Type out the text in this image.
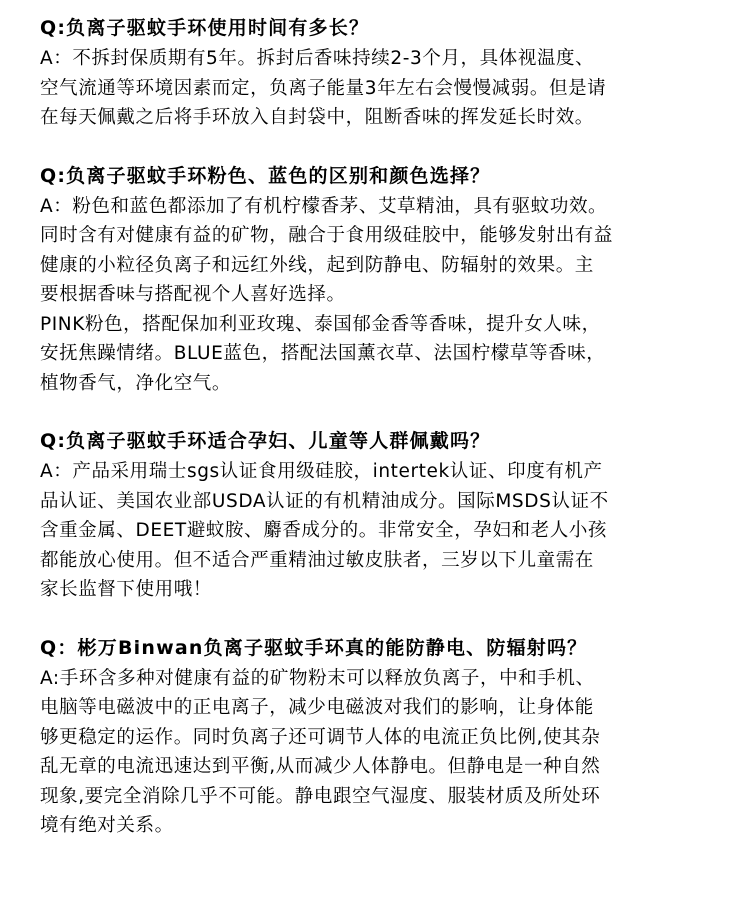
Q:负离子驱蚊手环使用时间有多长？

A：不拆封保质期有5年。拆封后香味持续2-3个月，具体视温度、

空气流通等环境因素而定，负离子能量3年左右会慢慢减弱。但是请

在每天佩戴之后将手环放入自封袋中，阻断香味的挥发延长时效。

Q:负离子驱蚊手环粉色、蓝色的区别和颜色选择？

A：粉色和蓝色都添加了有机柠檬香茅、艾草精油，具有驱蚊功效。

同时含有对健康有益的矿物，融合于食用级硅胶中，能够发射出有益

健康的小粒径负离子和远红外线，起到防静电、防辐射的效果。主

要根据香味与搭配视个人喜好选择。

PINK粉色，搭配保加利亚玫瑰、泰国郁金香等香味，提升女人味，

安抚焦躁情绪。BLUE蓝色，搭配法国薰衣草、法国柠檬草等香味，

植物香气，净化空气。

Q:负离子驱蚊手环适合孕妇、儿童等人群佩戴吗？

A：产品采用瑞士sgs认证食用级硅胶，intertek认证、印度有机产

品认证、美国农业部USDA认证的有机精油成分。国际MSDS认证不

含重金属、DEET避蚊胺、麝香成分的。非常安全，孕妇和老人小孩

都能放心使用。但不适合严重精油过敏皮肤者，三岁以下儿童需在

家长监督下使用哦！

Q：彬万Binwan负离子驱蚊手环真的能防静电、防辐射吗？

A:手环含多种对健康有益的矿物粉末可以释放负离子，中和手机、

电脑等电磁波中的正电离子，减少电磁波对我们的影响，让身体能

够更稳定的运作。同时负离子还可调节人体的电流正负比例,使其杂

乱无章的电流迅速达到平衡,从而减少人体静电。但静电是一种自然

现象,要完全消除几乎不可能。静电跟空气湿度、服装材质及所处环

境有绝对关系。
